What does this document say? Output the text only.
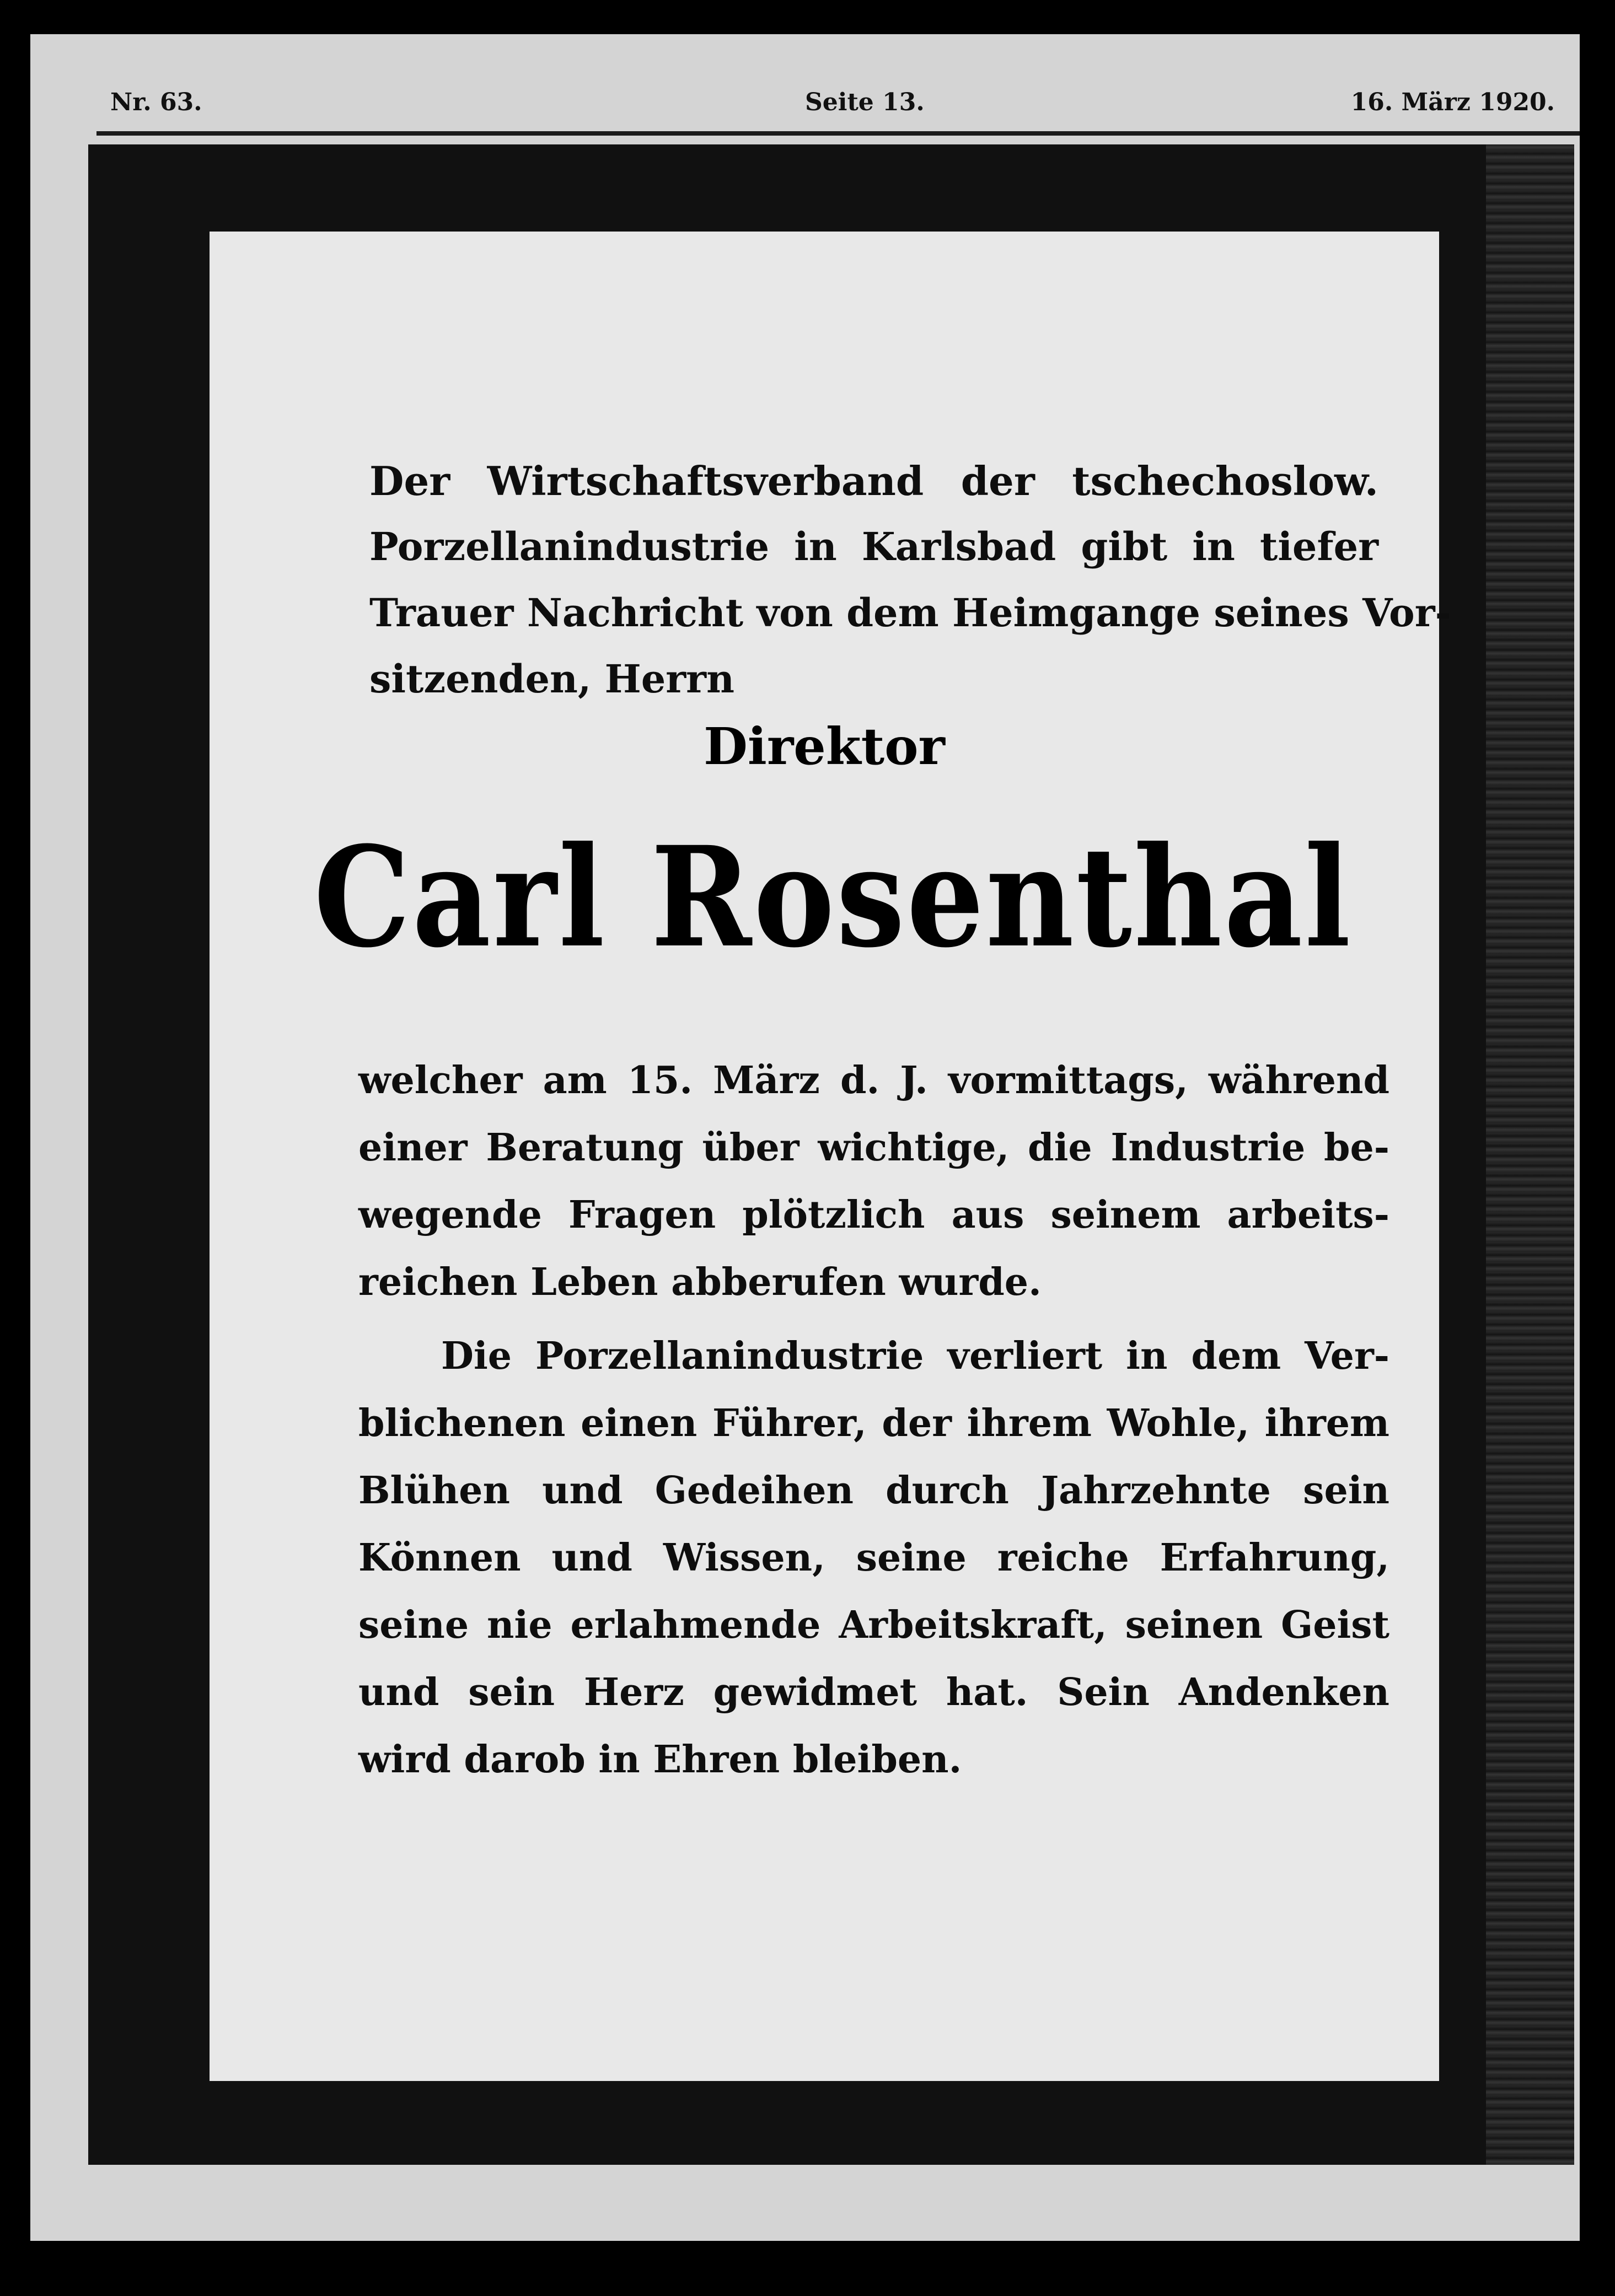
Nr. 63.	Seite 13.	16. März 1920.
Der Wirtschaftsverband der tschechoslow.
Porzellanindustrie in Karlsbad gibt in tiefer
Trauer Nachricht von dem Heimgange seines Vor-
sitzenden, Herrn
Direktor
Carl Rosenthal
welcher am 15. März d. J. vormittags, während
einer Beratung über wichtige, die Industrie be-
wegende Fragen plötzlich aus seinem arbeits-
reichen Leben abberufen wurde.
Die Porzellanindustrie verliert in dem Ver-
blichenen einen Führer, der ihrem Wohle, ihrem
Blühen und Gedeihen durch Jahrzehnte sein
Können und Wissen, seine reiche Erfahrung,
seine nie erlahmende Arbeitskraft, seinen Geist
und sein Herz gewidmet hat. Sein Andenken
wird darob in Ehren bleiben.
